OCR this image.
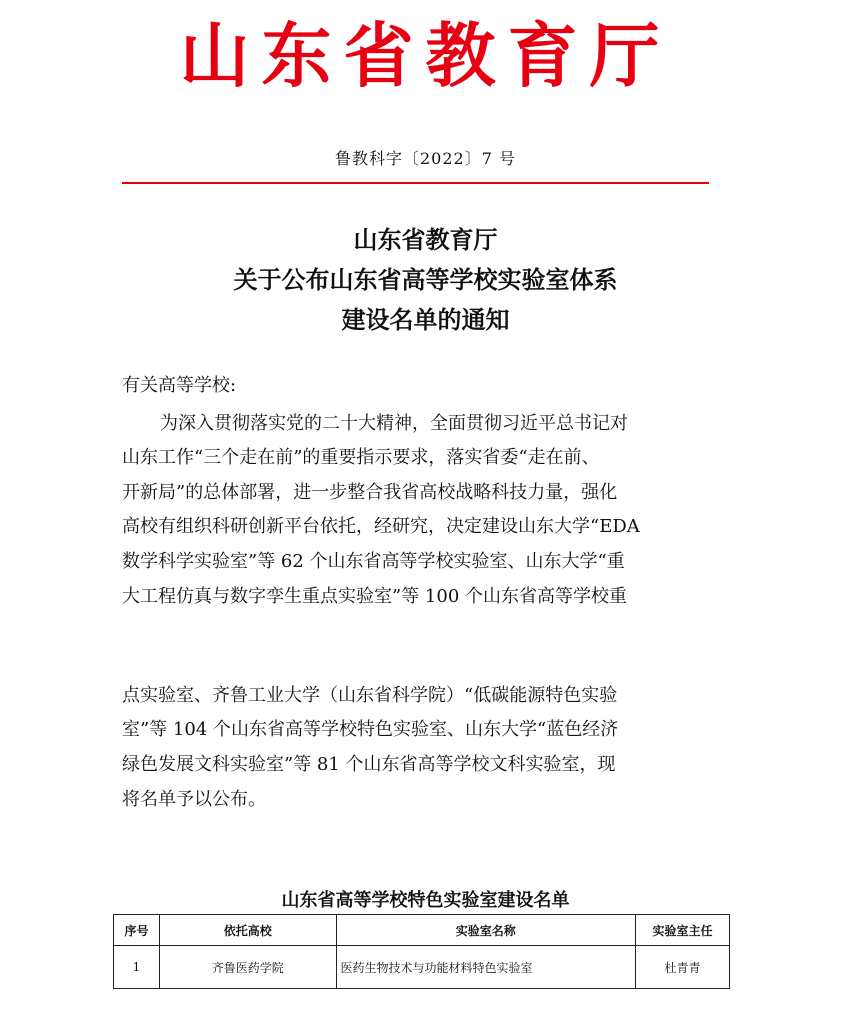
山东省教育厅
鲁教科字〔2022〕7 号
山东省教育厅
关于公布山东省高等学校实验室体系
建设名单的通知
有关高等学校:
为深入贯彻落实党的二十大精神，全面贯彻习近平总书记对
山东工作“三个走在前”的重要指示要求，落实省委“走在前、
开新局”的总体部署，进一步整合我省高校战略科技力量，强化
高校有组织科研创新平台依托，经研究，决定建设山东大学“EDA
数学科学实验室”等 62 个山东省高等学校实验室、山东大学“重
大工程仿真与数字孪生重点实验室”等 100 个山东省高等学校重
点实验室、齐鲁工业大学（山东省科学院）“低碳能源特色实验
室”等 104 个山东省高等学校特色实验室、山东大学“蓝色经济
绿色发展文科实验室”等 81 个山东省高等学校文科实验室，现
将名单予以公布。
山东省高等学校特色实验室建设名单
序号	依托高校	实验室名称	实验室主任
1	齐鲁医药学院	医药生物技术与功能材料特色实验室	杜青青
